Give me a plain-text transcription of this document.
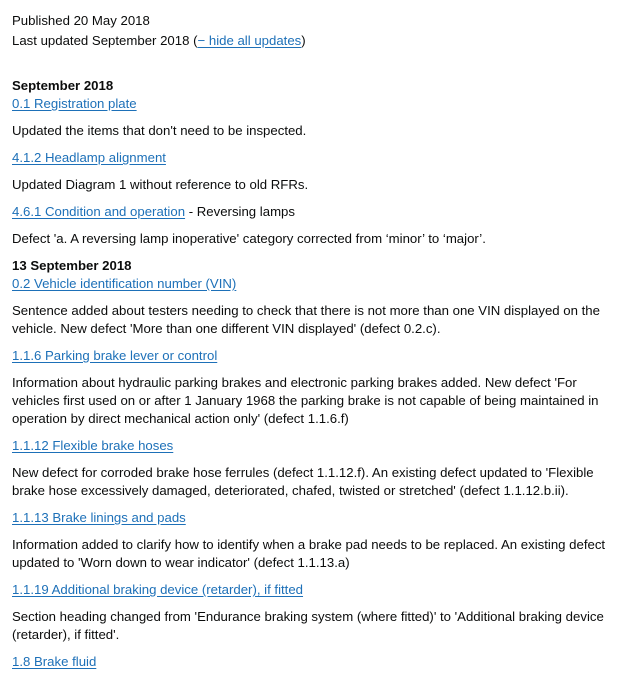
Published 20 May 2018

Last updated September 2018 (− hide all updates)

September 2018

0.1 Registration plate

Updated the items that don't need to be inspected.

4.1.2 Headlamp alignment

Updated Diagram 1 without reference to old RFRs.

4.6.1 Condition and operation - Reversing lamps

Defect 'a. A reversing lamp inoperative' category corrected from ‘minor’ to ‘major’.

13 September 2018

0.2 Vehicle identification number (VIN)

Sentence added about testers needing to check that there is not more than one VIN displayed on the vehicle. New defect 'More than one different VIN displayed' (defect 0.2.c).

1.1.6 Parking brake lever or control

Information about hydraulic parking brakes and electronic parking brakes added. New defect 'For vehicles first used on or after 1 January 1968 the parking brake is not capable of being maintained in operation by direct mechanical action only' (defect 1.1.6.f)

1.1.12 Flexible brake hoses

New defect for corroded brake hose ferrules (defect 1.1.12.f). An existing defect updated to 'Flexible brake hose excessively damaged, deteriorated, chafed, twisted or stretched' (defect 1.1.12.b.ii).

1.1.13 Brake linings and pads

Information added to clarify how to identify when a brake pad needs to be replaced. An existing defect updated to 'Worn down to wear indicator' (defect 1.1.13.a)

1.1.19 Additional braking device (retarder), if fitted

Section heading changed from 'Endurance braking system (where fitted)' to 'Additional braking device (retarder), if fitted'.

1.8 Brake fluid
